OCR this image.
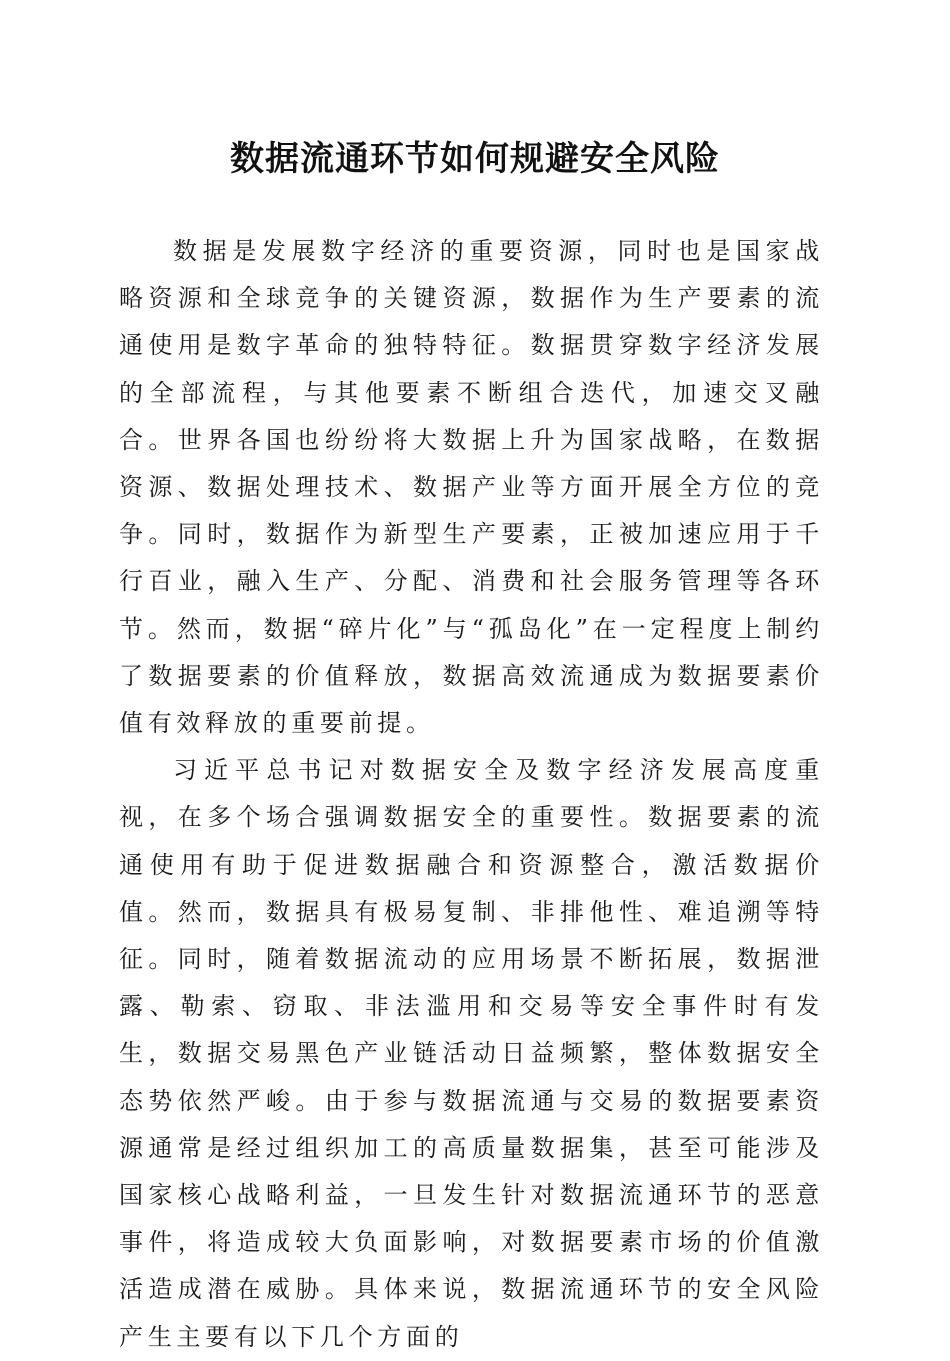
数据流通环节如何规避安全风险

数据是发展数字经济的重要资源，同时也是国家战略资源和全球竞争的关键资源，数据作为生产要素的流通使用是数字革命的独特特征。数据贯穿数字经济发展的全部流程，与其他要素不断组合迭代，加速交叉融合。世界各国也纷纷将大数据上升为国家战略，在数据资源、数据处理技术、数据产业等方面开展全方位的竞争。同时，数据作为新型生产要素，正被加速应用于千行百业，融入生产、分配、消费和社会服务管理等各环节。然而，数据“碎片化”与“孤岛化”在一定程度上制约了数据要素的价值释放，数据高效流通成为数据要素价值有效释放的重要前提。

习近平总书记对数据安全及数字经济发展高度重视，在多个场合强调数据安全的重要性。数据要素的流通使用有助于促进数据融合和资源整合，激活数据价值。然而，数据具有极易复制、非排他性、难追溯等特征。同时，随着数据流动的应用场景不断拓展，数据泄露、勒索、窃取、非法滥用和交易等安全事件时有发生，数据交易黑色产业链活动日益频繁，整体数据安全态势依然严峻。由于参与数据流通与交易的数据要素资源通常是经过组织加工的高质量数据集，甚至可能涉及国家核心战略利益，一旦发生针对数据流通环节的恶意事件，将造成较大负面影响，对数据要素市场的价值激活造成潜在威胁。具体来说，数据流通环节的安全风险产生主要有以下几个方面的
